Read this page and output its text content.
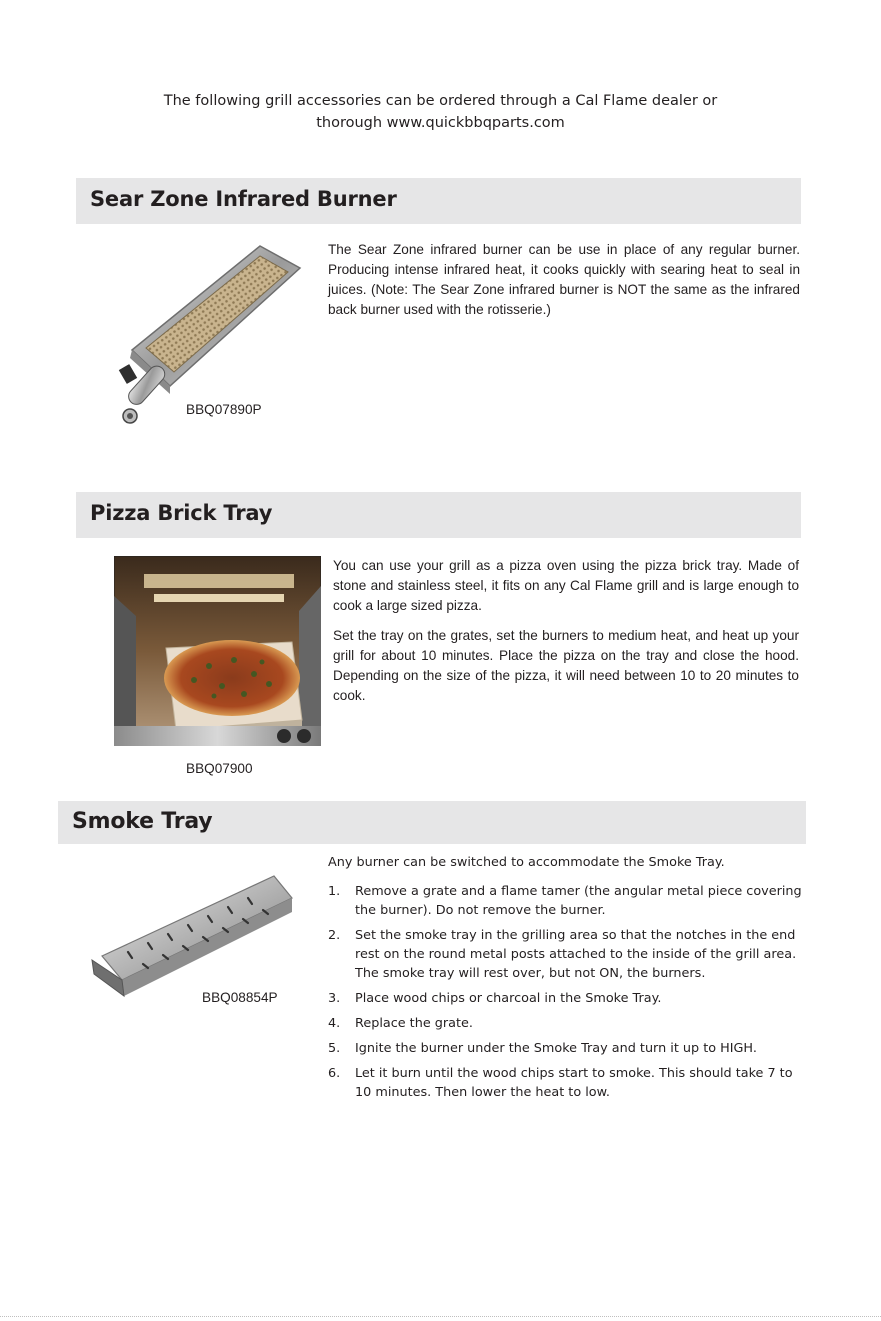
The following grill accessories can be ordered through a Cal Flame dealer or
thorough www.quickbbqparts.com
Sear Zone Infrared Burner
BBQ07890P

The Sear Zone infrared burner can be use in place of any regular burner. Producing intense infrared heat, it cooks quickly with searing heat to seal in juices. (Note: The Sear Zone infrared burner is NOT the same as the infrared back burner used with the rotisserie.)

Pizza Brick Tray
BBQ07900

You can use your grill as a pizza oven using the pizza brick tray. Made of stone and stainless steel, it fits on any Cal Flame grill and is large enough to cook a large sized pizza.

Set the tray on the grates, set the burners to medium heat, and heat up your grill for about 10 minutes. Place the pizza on the tray and close the hood. Depending on the size of the pizza, it will need between 10 to 20 minutes to cook.

Smoke Tray
BBQ08854P
Any burner can be switched to accommodate the Smoke Tray.
1. Remove a grate and a flame tamer (the angular metal piece covering the burner). Do not remove the burner.
2. Set the smoke tray in the grilling area so that the notches in the end rest on the round metal posts attached to the inside of the grill area. The smoke tray will rest over, but not ON, the burners.
3. Place wood chips or charcoal in the Smoke Tray.
4. Replace the grate.
5. Ignite the burner under the Smoke Tray and turn it up to HIGH.
6. Let it burn until the wood chips start to smoke. This should take 7 to 10 minutes. Then lower the heat to low.
